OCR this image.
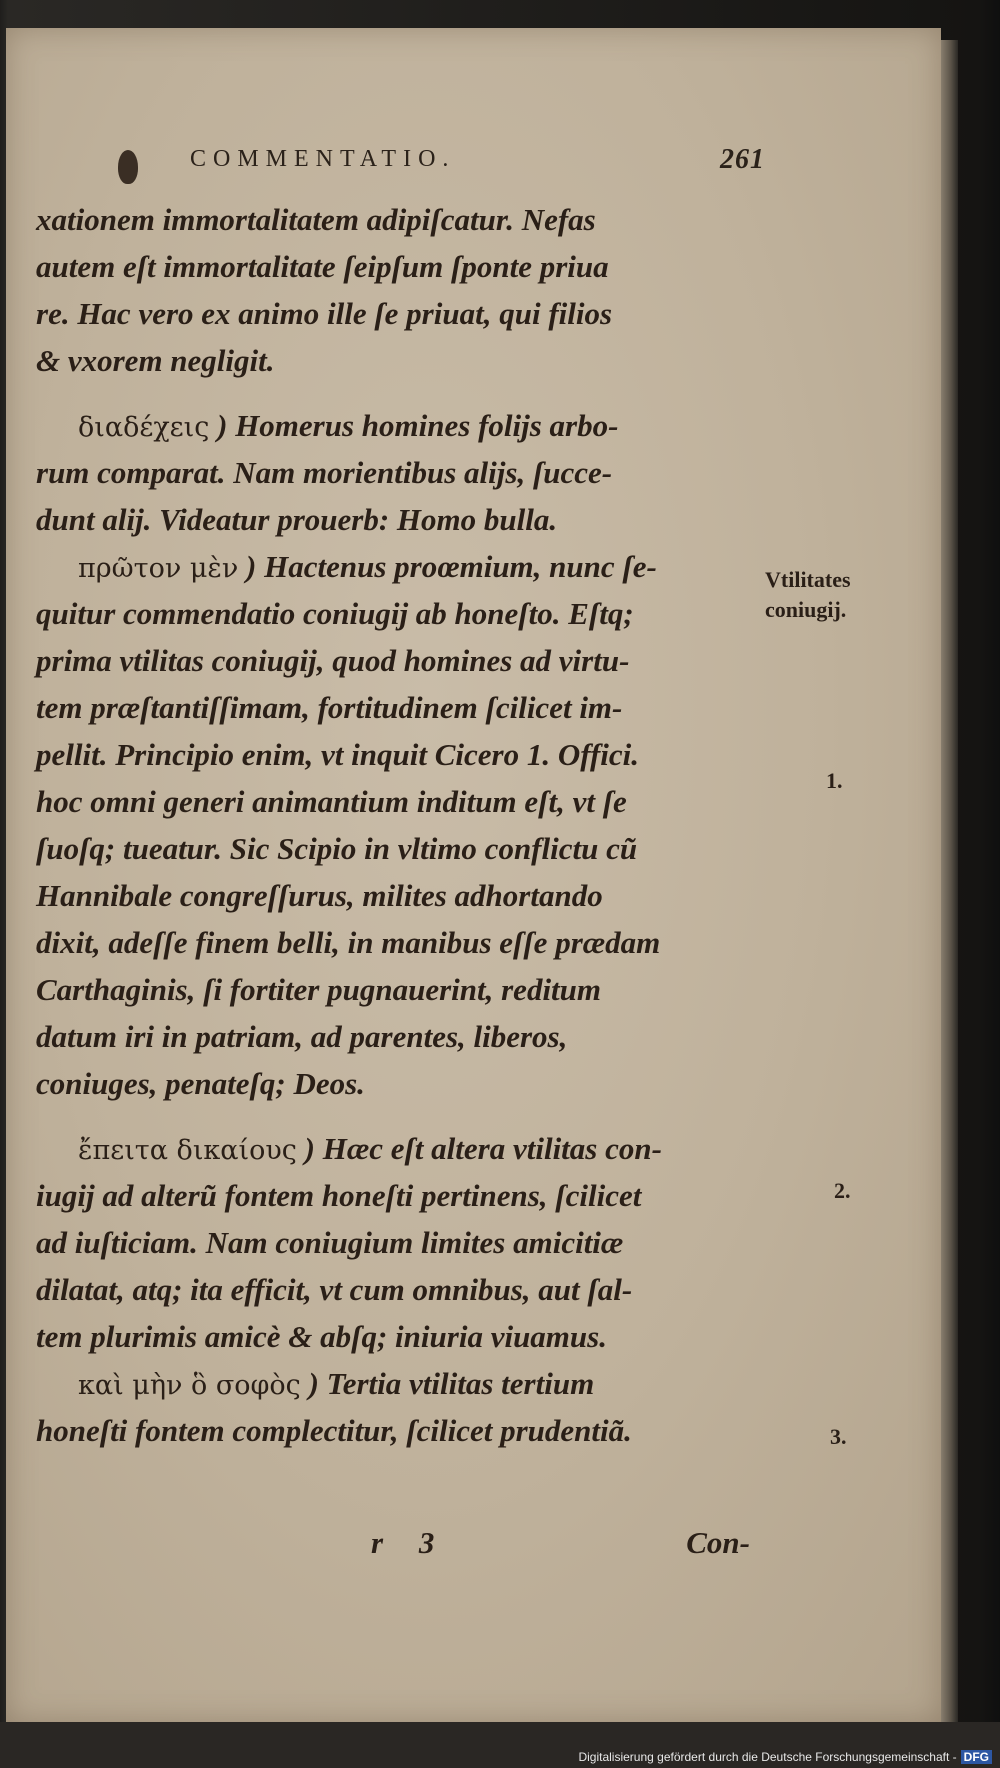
COMMENTATIO.	261
xationem immortalitatem adipiſcatur. Nefas
autem eſt immortalitate ſeipſum ſponte priua
re. Hac vero ex animo ille ſe priuat, qui filios
& vxorem negligit.
διαδέχεις ) Homerus homines folijs arbo-
rum comparat. Nam morientibus alijs, ſucce-
dunt alij. Videatur prouerb: Homo bulla.
πρῶτον μὲν ) Hactenus proœmium, nunc ſe-
quitur commendatio coniugij ab honeſto. Eſtq;
prima vtilitas coniugij, quod homines ad virtu-
tem præſtantiſſimam, fortitudinem ſcilicet im-
pellit. Principio enim, vt inquit Cicero 1. Offici.
hoc omni generi animantium inditum eſt, vt ſe
ſuoſq; tueatur. Sic Scipio in vltimo conflictu cũ
Hannibale congreſſurus, milites adhortando
dixit, adeſſe finem belli, in manibus eſſe prædam
Carthaginis, ſi fortiter pugnauerint, reditum
datum iri in patriam, ad parentes, liberos,
coniuges, penateſq; Deos.
ἔπειτα δικαίους ) Hæc eſt altera vtilitas con-
iugij ad alterũ fontem honeſti pertinens, ſcilicet
ad iuſticiam. Nam coniugium limites amicitiæ
dilatat, atq; ita efficit, vt cum omnibus, aut ſal-
tem plurimis amicè & abſq; iniuria viuamus.
καὶ μὴν ὃ σοφὸς ) Tertia vtilitas tertium
honeſti fontem complectitur, ſcilicet prudentiã.
Vtilitates
coniugij.
1.
2.
3.
r 3	Con-
Digitalisierung gefördert durch die Deutsche Forschungsgemeinschaft - DFG
